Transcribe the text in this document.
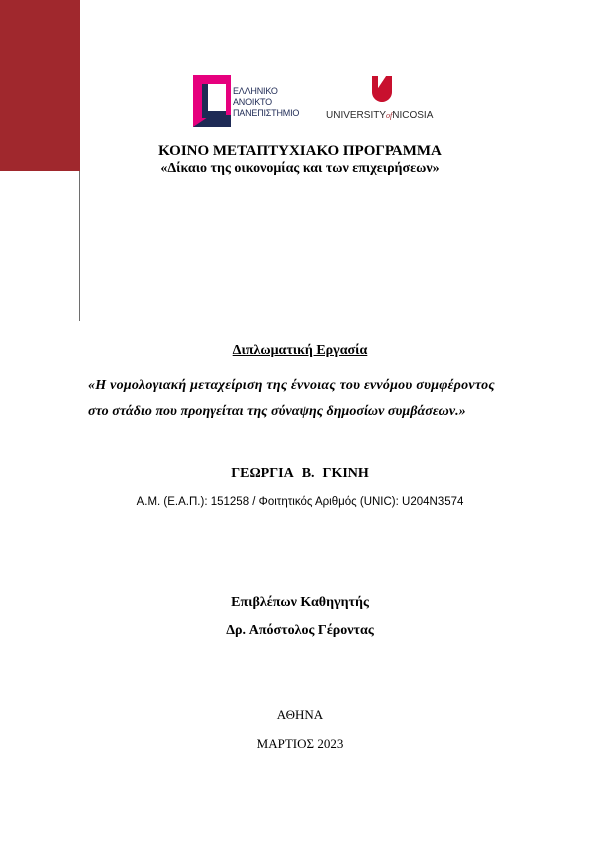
ΕΛΛΗΝΙΚΟ
ΑΝΟΙΚΤΟ
ΠΑΝΕΠΙΣΤΗΜΙΟ	UNIVERSITYofNICOSIA
ΚΟΙΝΟ ΜΕΤΑΠΤΥΧΙΑΚΟ ΠΡΟΓΡΑΜΜΑ
«Δίκαιο της οικονομίας και των επιχειρήσεων»
Διπλωματική Εργασία
«Η νομολογιακή μεταχείριση της έννοιας του εννόμου συμφέροντος
στο στάδιο που προηγείται της σύναψης δημοσίων συμβάσεων.»
ΓΕΩΡΓΙΑ Β. ΓΚΙΝΗ
Α.Μ. (Ε.Α.Π.): 151258 / Φοιτητικός Αριθμός (UNIC): U204N3574
Επιβλέπων Καθηγητής
Δρ. Απόστολος Γέροντας
ΑΘΗΝΑ
ΜΑΡΤΙΟΣ 2023
